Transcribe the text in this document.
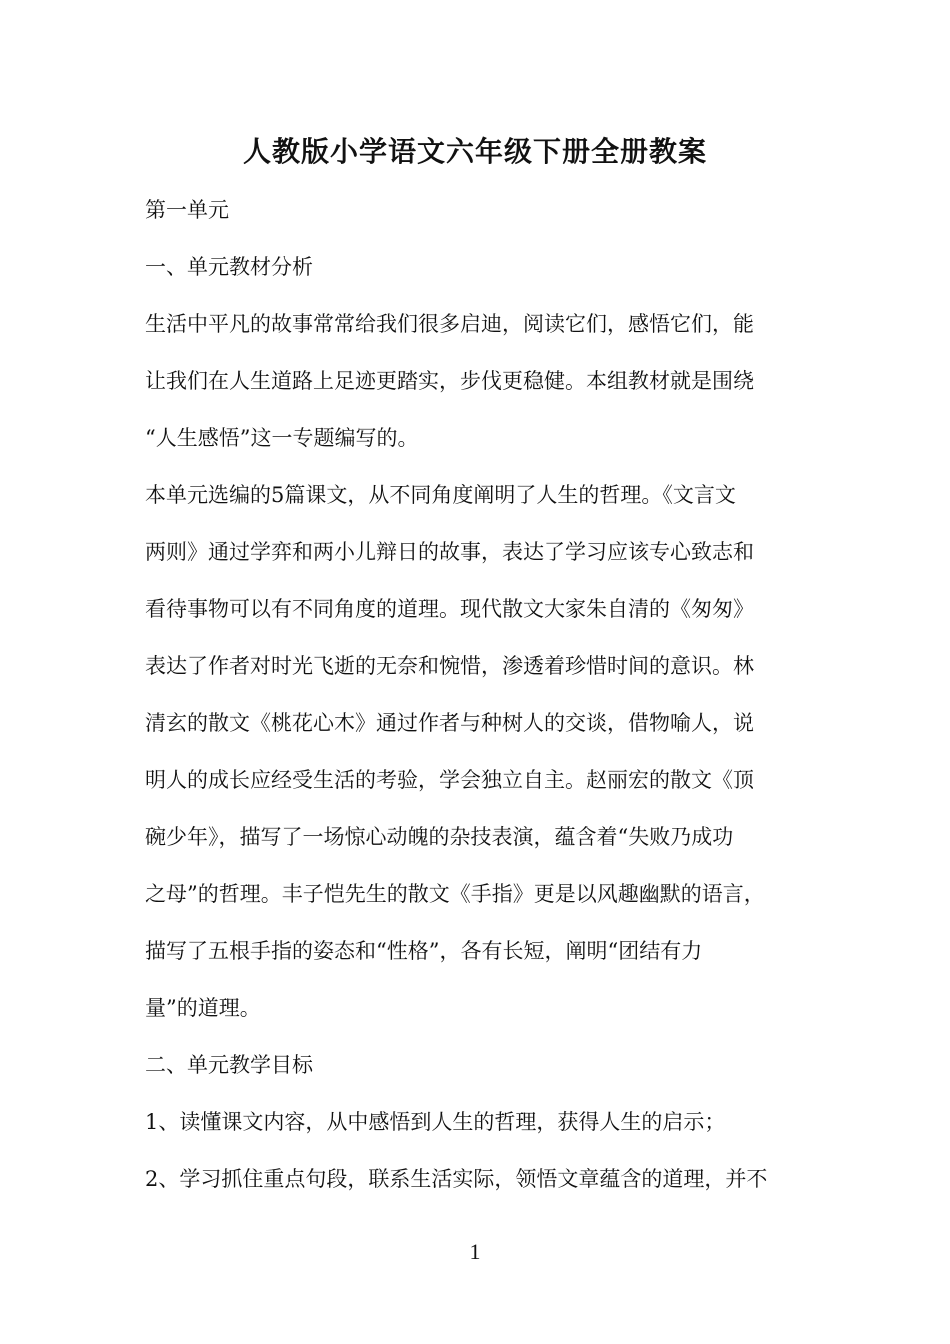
人教版小学语文六年级下册全册教案
第一单元
一、单元教材分析
生活中平凡的故事常常给我们很多启迪，阅读它们，感悟它们，能
让我们在人生道路上足迹更踏实，步伐更稳健。本组教材就是围绕
“人生感悟”这一专题编写的。
本单元选编的5篇课文，从不同角度阐明了人生的哲理。《文言文
两则》通过学弈和两小儿辩日的故事，表达了学习应该专心致志和
看待事物可以有不同角度的道理。现代散文大家朱自清的《匆匆》
表达了作者对时光飞逝的无奈和惋惜，渗透着珍惜时间的意识。林
清玄的散文《桃花心木》通过作者与种树人的交谈，借物喻人，说
明人的成长应经受生活的考验，学会独立自主。赵丽宏的散文《顶
碗少年》，描写了一场惊心动魄的杂技表演，蕴含着“失败乃成功
之母”的哲理。丰子恺先生的散文《手指》更是以风趣幽默的语言，
描写了五根手指的姿态和“性格”，各有长短，阐明“团结有力
量”的道理。
二、单元教学目标
1、读懂课文内容，从中感悟到人生的哲理，获得人生的启示；
2、学习抓住重点句段，联系生活实际，领悟文章蕴含的道理，并不
1
